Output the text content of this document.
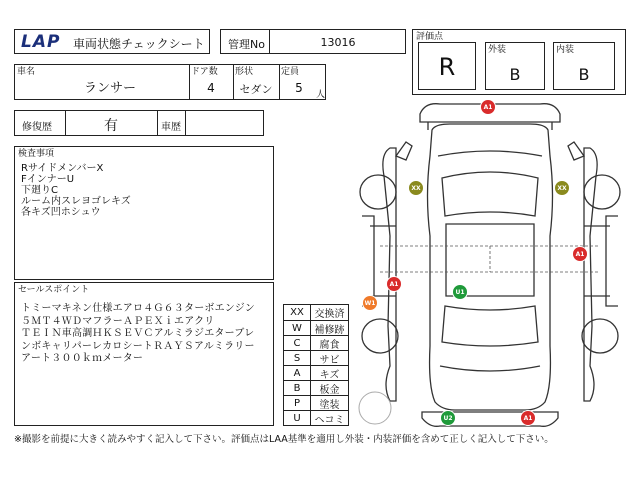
LAP 車両状態チェックシート 管理No	13016	評価点
R
外装
B
内装
B
車名
ランサー
ドア数
4
形状
セダン
定員
5	人
修復歴	有	車歴
検査事項
RサイドメンバーX
FインナーU
下廻りC
ルーム内スレヨゴレキズ
各キズ凹ホシュウ
セールスポイント
トミーマキネン仕様エアロ４Ｇ６３ターボエンジン
５ＭＴ４ＷＤマフラーＡＰＥＸｉエアクリ
ＴＥＩＮ車高調ＨＫＳＥＶＣアルミラジエターブレ
ンボキャリパーレカロシートＲＡＹＳアルミラリー
アート３００ｋｍメーター
XX	交換済
W	補修跡
C	腐食
S	サビ
A	キズ
B	板金
P	塗装
U	ヘコミ
A1
XX	XX
A1
A1
U1
W1
U2	A1
※撮影を前提に大きく読みやすく記入して下さい。評価点はLAA基準を適用し外装・内装評価を含めて正しく記入して下さい。
